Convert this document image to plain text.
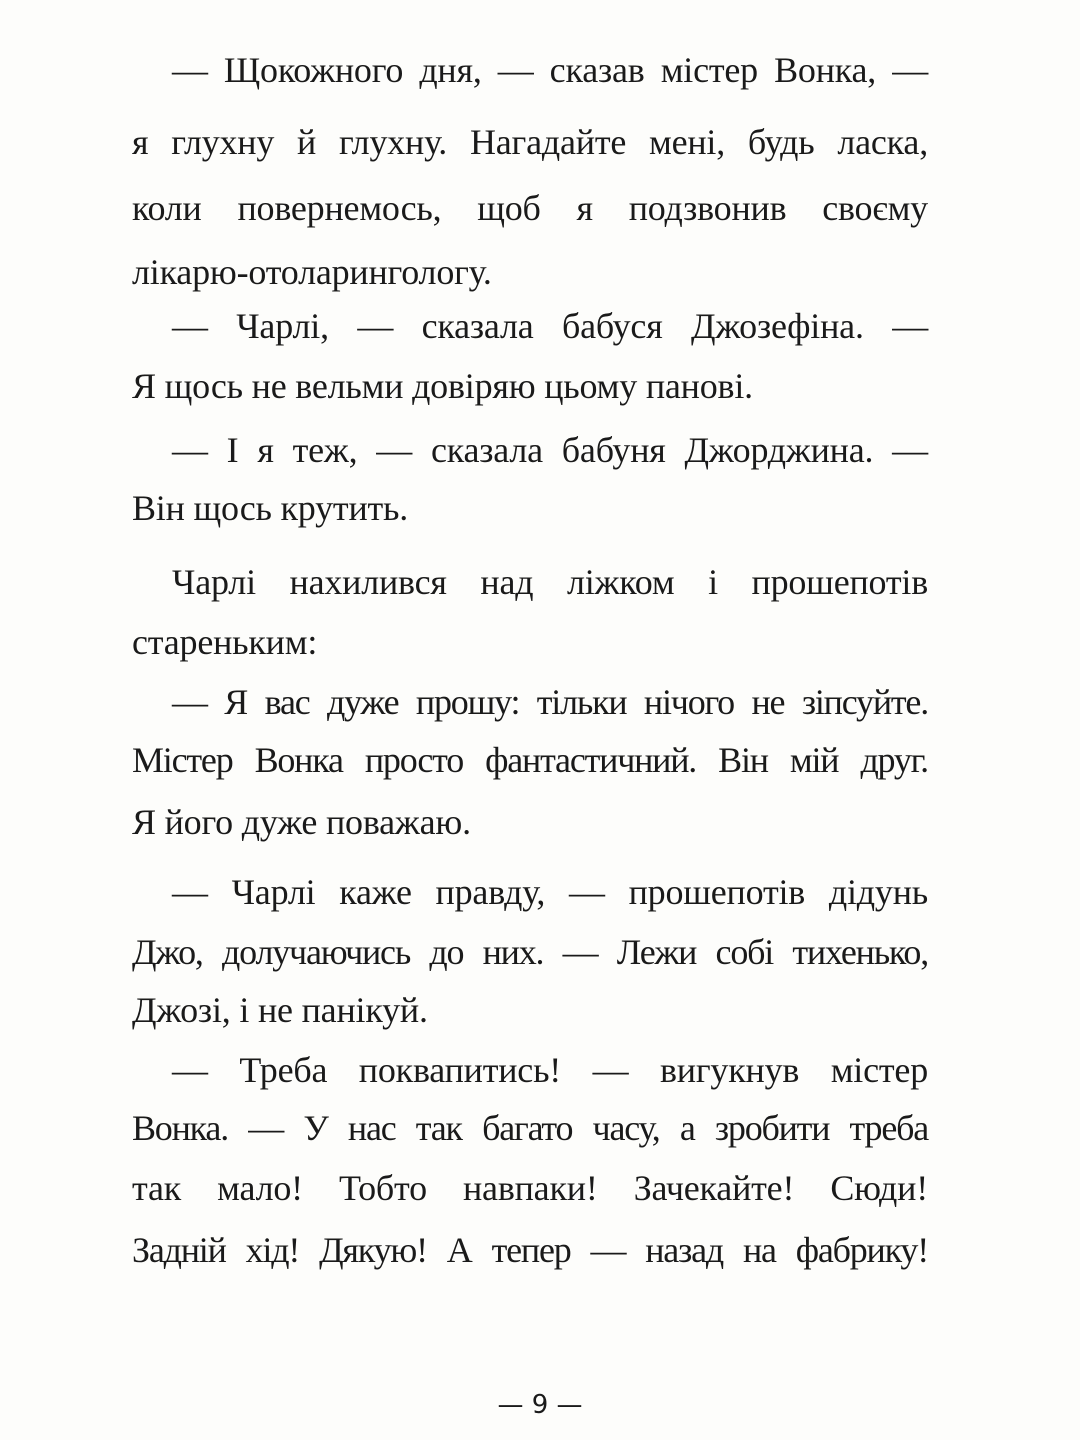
— Щокожного дня, — сказав містер Вонка, —
я глухну й глухну. Нагадайте мені, будь ласка,
коли повернемось, щоб я подзвонив своєму
лікарю-отоларингологу.
— Чарлі, — сказала бабуся Джозефіна. —
Я щось не вельми довіряю цьому панові.
— І я теж, — сказала бабуня Джорджина. —
Він щось крутить.
Чарлі нахилився над ліжком і прошепотів
стареньким:
— Я вас дуже прошу: тільки нічого не зіпсуйте.
Містер Вонка просто фантастичний. Він мій друг.
Я його дуже поважаю.
— Чарлі каже правду, — прошепотів дідунь
Джо, долучаючись до них. — Лежи собі тихенько,
Джозі, і не панікуй.
— Треба поквапитись! — вигукнув містер
Вонка. — У нас так багато часу, а зробити треба
так мало! Тобто навпаки! Зачекайте! Сюди!
Задній хід! Дякую! А тепер — назад на фабрику!
— 9 —
